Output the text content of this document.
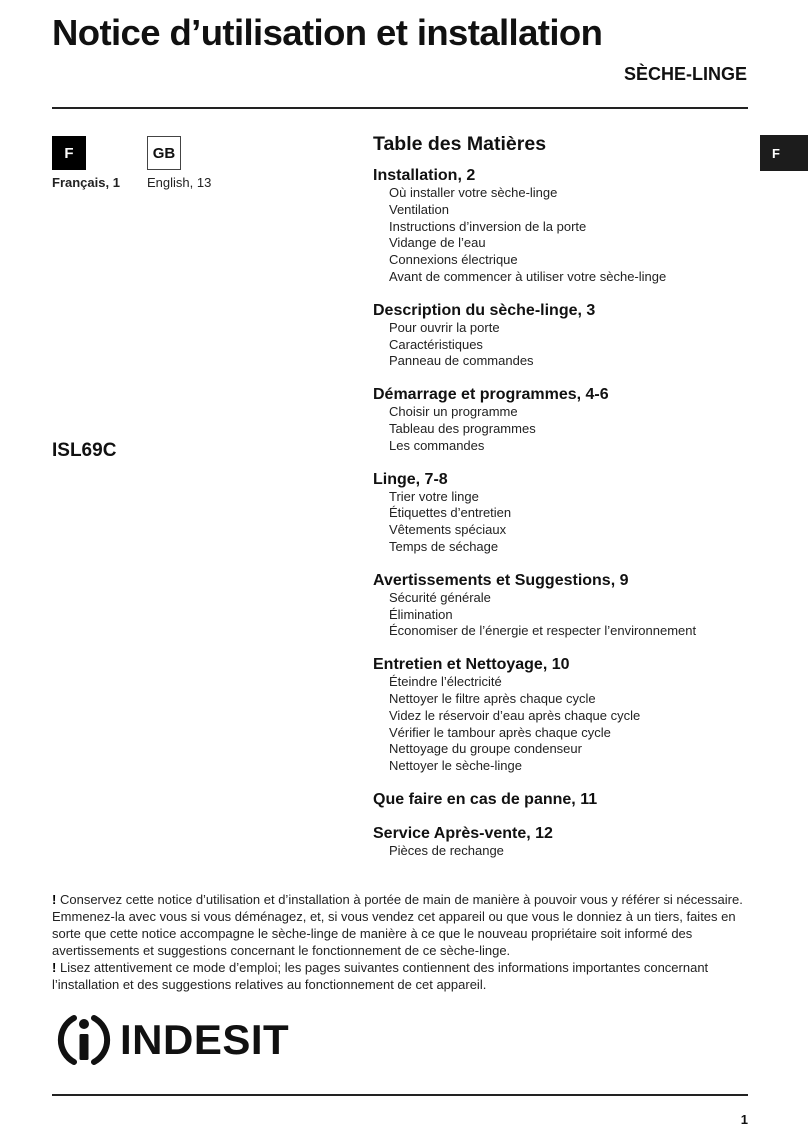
Notice d’utilisation et installation
SÈCHE-LINGE
F	GB
Français, 1 English, 13
F
ISL69C
Table des Matières
Installation, 2
Où installer votre sèche-linge
Ventilation
Instructions d’inversion de la porte
Vidange de l’eau
Connexions électrique
Avant de commencer à utiliser votre sèche-linge
Description du sèche-linge, 3
Pour ouvrir la porte
Caractéristiques
Panneau de commandes
Démarrage et programmes, 4-6
Choisir un programme
Tableau des programmes
Les commandes
Linge, 7-8
Trier votre linge
Étiquettes d’entretien
Vêtements spéciaux
Temps de séchage
Avertissements et Suggestions, 9
Sécurité générale
Élimination
Économiser de l’énergie et respecter l’environnement
Entretien et Nettoyage, 10
Éteindre l’électricité
Nettoyer le filtre après chaque cycle
Videz le réservoir d’eau après chaque cycle
Vérifier le tambour après chaque cycle
Nettoyage du groupe condenseur
Nettoyer le sèche-linge
Que faire en cas de panne, 11
Service Après-vente, 12
Pièces de rechange

! Conservez cette notice d’utilisation et d’installation à portée de main de manière à pouvoir vous y référer si nécessaire. Emmenez-la avec vous si vous déménagez, et, si vous vendez cet appareil ou que vous le donniez à un tiers, faites en sorte que cette notice accompagne le sèche-linge de manière à ce que le nouveau propriétaire soit informé des avertissements et suggestions concernant le fonctionnement de ce sèche-linge.

! Lisez attentivement ce mode d’emploi; les pages suivantes contiennent des informations importantes concernant l’installation et des suggestions relatives au fonctionnement de cet appareil.

INDESIT
1
